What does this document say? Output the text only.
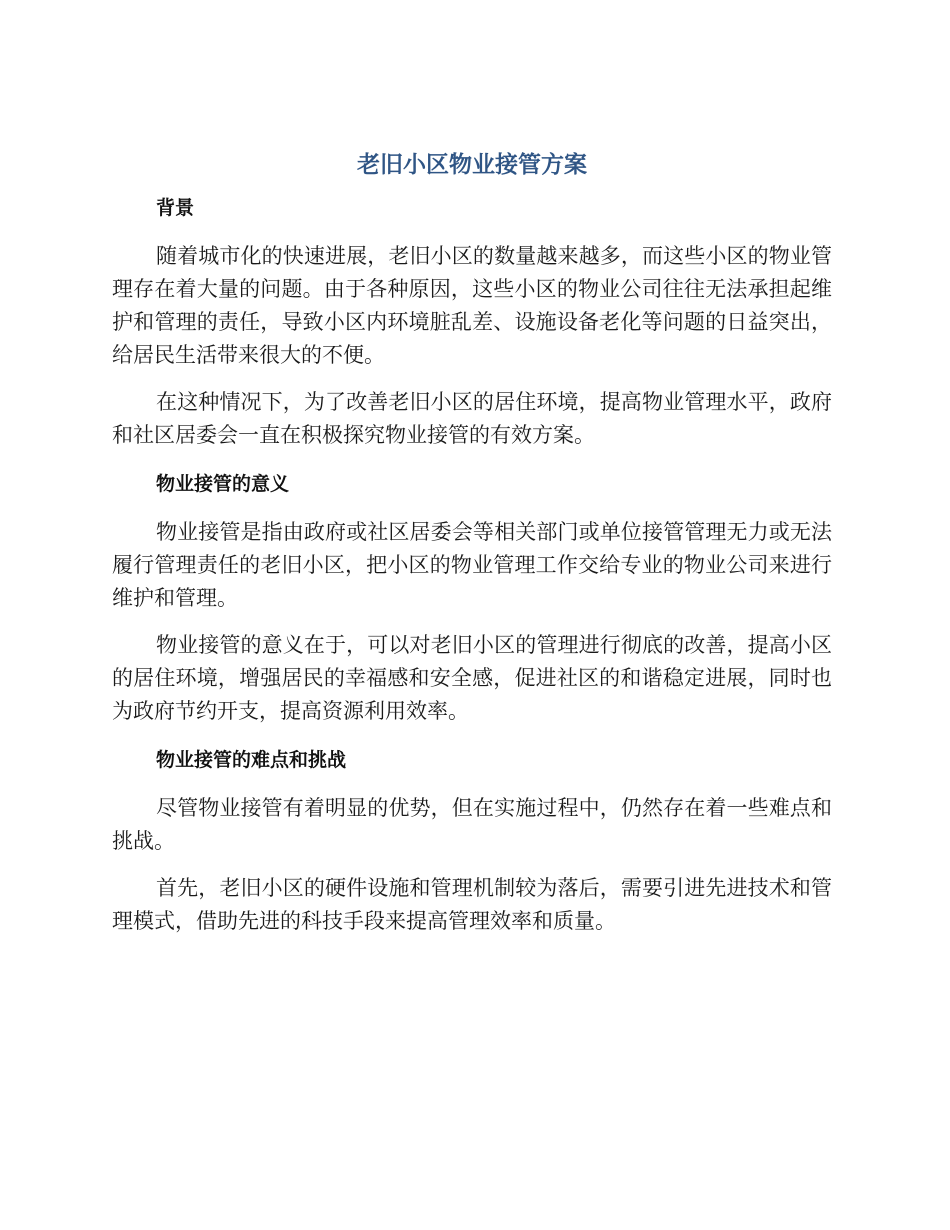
老旧小区物业接管方案
背景

随着城市化的快速进展，老旧小区的数量越来越多，而这些小区的物业管理存在着大量的问题。由于各种原因，这些小区的物业公司往往无法承担起维护和管理的责任，导致小区内环境脏乱差、设施设备老化等问题的日益突出，给居民生活带来很大的不便。

在这种情况下，为了改善老旧小区的居住环境，提高物业管理水平，政府和社区居委会一直在积极探究物业接管的有效方案。

物业接管的意义

物业接管是指由政府或社区居委会等相关部门或单位接管管理无力或无法履行管理责任的老旧小区，把小区的物业管理工作交给专业的物业公司来进行维护和管理。

物业接管的意义在于，可以对老旧小区的管理进行彻底的改善，提高小区的居住环境，增强居民的幸福感和安全感，促进社区的和谐稳定进展，同时也为政府节约开支，提高资源利用效率。

物业接管的难点和挑战

尽管物业接管有着明显的优势，但在实施过程中，仍然存在着一些难点和挑战。

首先，老旧小区的硬件设施和管理机制较为落后，需要引进先进技术和管理模式，借助先进的科技手段来提高管理效率和质量。
